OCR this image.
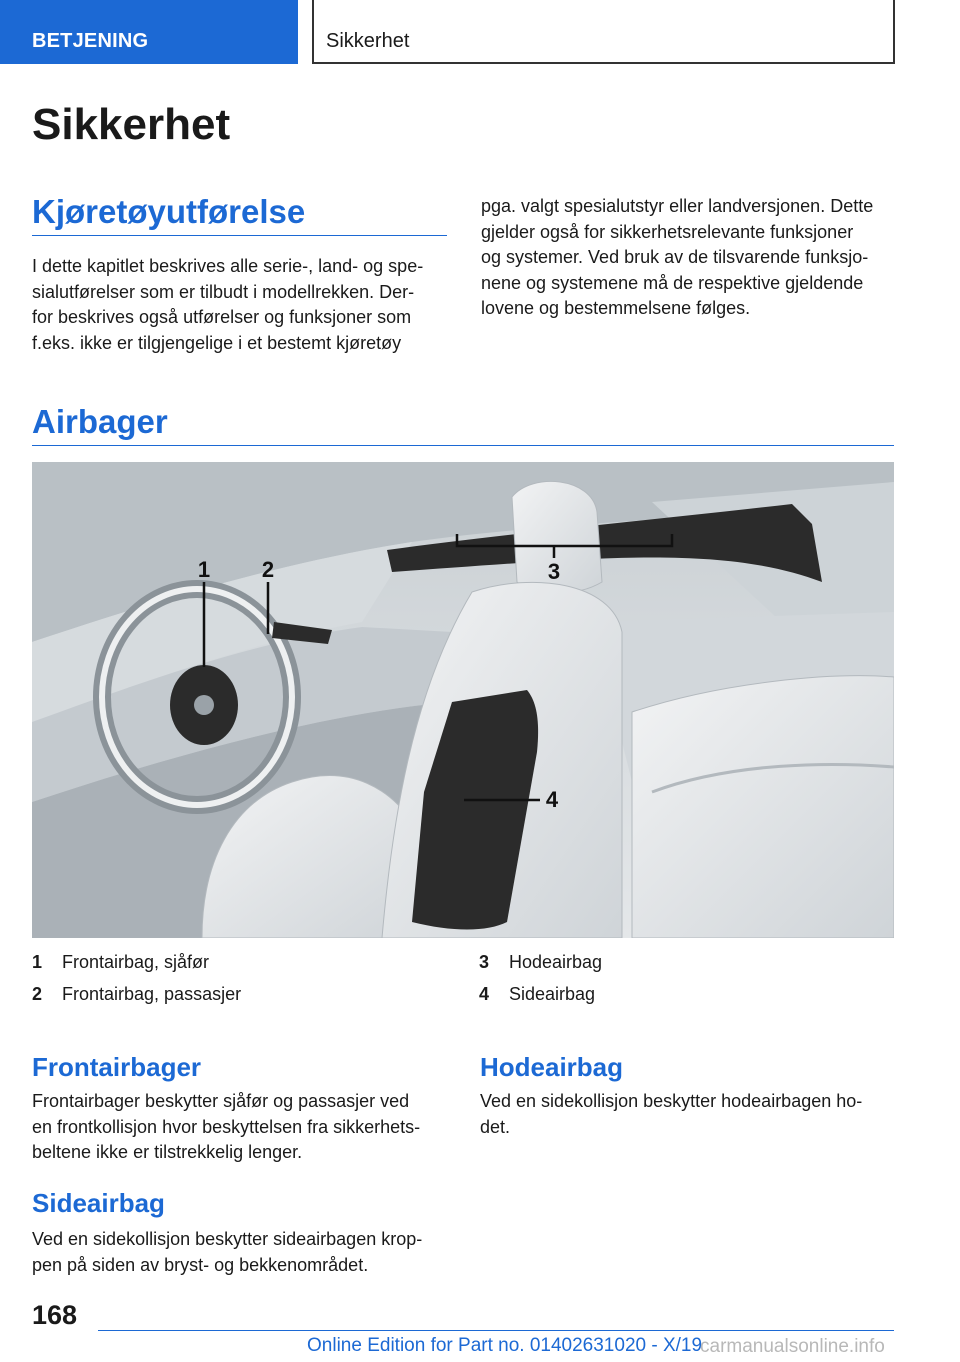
BETJENING	Sikkerhet
Sikkerhet
Kjøretøyutførelse
I dette kapitlet beskrives alle serie-, land- og spe-
sialutførelser som er tilbudt i modellrekken. Der-
for beskrives også utførelser og funksjoner som
f.eks. ikke er tilgjengelige i et bestemt kjøretøy
pga. valgt spesialutstyr eller landversjonen. Dette
gjelder også for sikkerhetsrelevante funksjoner
og systemer. Ved bruk av de tilsvarende funksjo-
nene og systemene må de respektive gjeldende
lovene og bestemmelsene følges.
Airbager
1 2	3
4
1 Frontairbag, sjåfør
2 Frontairbag, passasjer
3 Hodeairbag
4 Sideairbag
Frontairbager
Frontairbager beskytter sjåfør og passasjer ved
en frontkollisjon hvor beskyttelsen fra sikkerhets-
beltene ikke er tilstrekkelig lenger.
Sideairbag
Ved en sidekollisjon beskytter sideairbagen krop-
pen på siden av bryst- og bekkenområdet.
Hodeairbag
Ved en sidekollisjon beskytter hodeairbagen ho-
det.
168
Online Edition for Part no. 01402631020 - X/19
carmanualsonline.info
